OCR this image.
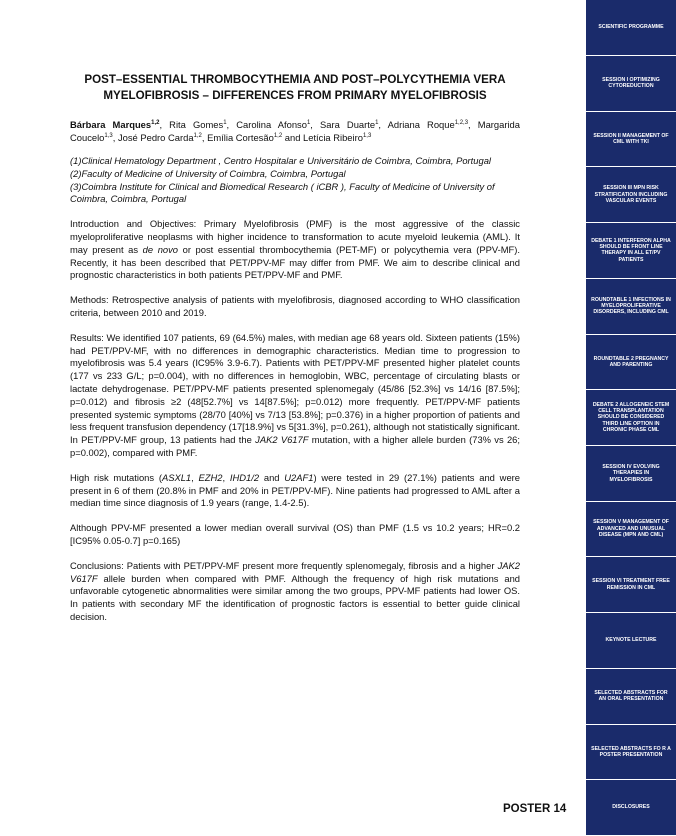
POST–ESSENTIAL THROMBOCYTHEMIA AND POST–POLYCYTHEMIA VERA MYELOFIBROSIS – DIFFERENCES FROM PRIMARY MYELOFIBROSIS
Bárbara Marques$^{1,2}$, Rita Gomes$^1$, Carolina Afonso$^1$, Sara Duarte$^1$, Adriana Roque$^{1,2,3}$, Margarida Coucelo$^{1,3}$, José Pedro Carda$^{1,2}$, Emília Cortesão$^{1,2}$ and Letícia Ribeiro$^{1,3}$
(1)Clinical Hematology Department , Centro Hospitalar e Universitário de Coimbra, Coimbra, Portugal
(2)Faculty of Medicine of University of Coimbra, Coimbra, Portugal
(3)Coimbra Institute for Clinical and Biomedical Research ( iCBR ), Faculty of Medicine of University of Coimbra, Coimbra, Portugal
Introduction and Objectives: Primary Myelofibrosis (PMF) is the most aggressive of the classic myeloproliferative neoplasms with higher incidence to transformation to acute myeloid leukemia (AML). It may present as de novo or post essential thrombocythemia (PET-MF) or polycythemia vera (PPV-MF). Recently, it has been described that PET/PPV-MF may differ from PMF. We aim to describe clinical and prognostic characteristics in both patients PET/PPV-MF and PMF.
Methods: Retrospective analysis of patients with myelofibrosis, diagnosed according to WHO classification criteria, between 2010 and 2019.
Results: We identified 107 patients, 69 (64.5%) males, with median age 68 years old. Sixteen patients (15%) had PET/PPV-MF, with no differences in demographic characteristics. Median time to progression to myelofibrosis was 5.4 years (IC95% 3.9-6.7). Patients with PET/PPV-MF presented higher platelet counts (177 vs 233 G/L; p=0.004), with no differences in hemoglobin, WBC, percentage of circulating blasts or lactate dehydrogenase. PET/PPV-MF patients presented splenomegaly (45/86 [52.3%] vs 14/16 [87.5%]; p=0.012) and fibrosis ≥2 (48[52.7%] vs 14[87.5%]; p=0.012) more frequently. PET/PPV-MF patients presented systemic symptoms (28/70 [40%] vs 7/13 [53.8%]; p=0.376) in a higher proportion of patients and less frequent transfusion dependency (17[18.9%] vs 5[31.3%], p=0.261), although not statistically significant. In PET/PPV-MF group, 13 patients had the JAK2 V617F mutation, with a higher allele burden (73% vs 26; p=0.002), compared with PMF.
High risk mutations (ASXL1, EZH2, IHD1/2 and U2AF1) were tested in 29 (27.1%) patients and were present in 6 of them (20.8% in PMF and 20% in PET/PPV-MF). Nine patients had progressed to AML after a median time since diagnosis of 1.9 years (range, 1.4-2.5).
Although PPV-MF presented a lower median overall survival (OS) than PMF (1.5 vs 10.2 years; HR=0.2 [IC95% 0.05-0.7] p=0.165)
Conclusions: Patients with PET/PPV-MF present more frequently splenomegaly, fibrosis and a higher JAK2 V617F allele burden when compared with PMF. Although the frequency of high risk mutations and unfavorable cytogenetic abnormalities were similar among the two groups, PPV-MF patients had lower OS. In patients with secondary MF the identification of prognostic factors is essential to better guide clinical decision.
POSTER 14
SCIENTIFIC PROGRAMME
SESSION I OPTIMIZING CYTOREDUCTION
SESSION II MANAGEMENT OF CML WITH TKI
SESSION III MPN RISK STRATIFICATION INCLUDING VASCULAR EVENTS
DEBATE 1 INTERFERON ALPHA SHOULD BE FRONT LINE THERAPY IN ALL ET/PV PATIENTS
ROUNDTABLE 1 INFECTIONS IN MYELOPROLIFERATIVE DISORDERS, INCLUDING CML
ROUNDTABLE 2 PREGNANCY AND PARENTING
DEBATE 2 ALLOGENEIC STEM CELL TRANSPLANTATION SHOULD BE CONSIDERED THIRD LINE OPTION IN CHRONIC PHASE CML
SESSION IV EVOLVING THERAPIES IN MYELOFIBROSIS
SESSION V MANAGEMENT OF ADVANCED AND UNUSUAL DISEASE (MPN AND CML)
SESSION VI TREATMENT FREE REMISSION IN CML
KEYNOTE LECTURE
SELECTED ABSTRACTS FOR AN ORAL PRESENTATION
SELECTED ABSTRACTS FO R A POSTER PRESENTATION
DISCLOSURES
